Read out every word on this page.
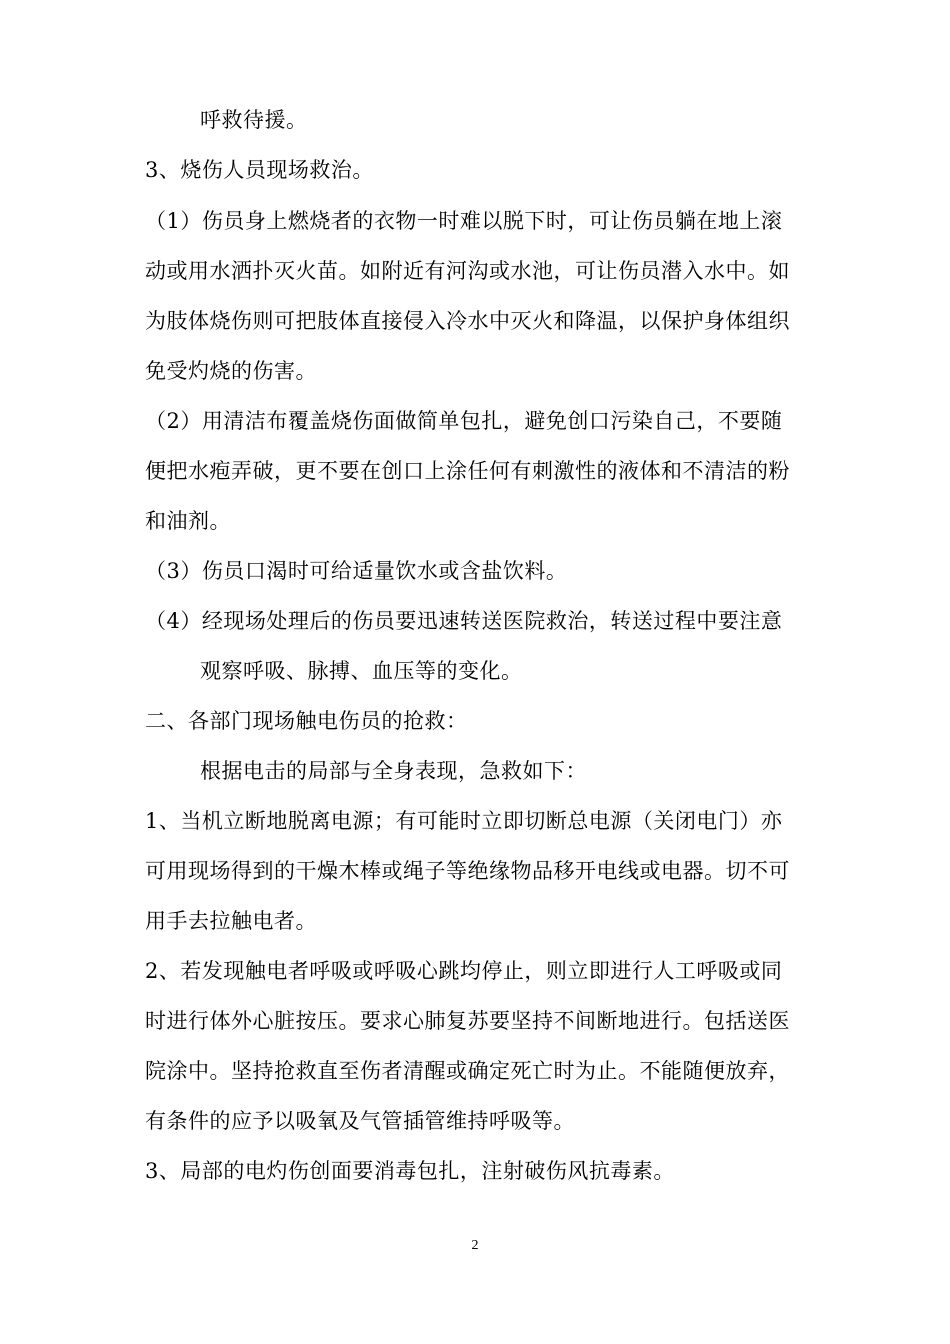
呼救待援。
3、烧伤人员现场救治。
（1）伤员身上燃烧者的衣物一时难以脱下时，可让伤员躺在地上滚
动或用水洒扑灭火苗。如附近有河沟或水池，可让伤员潜入水中。如
为肢体烧伤则可把肢体直接侵入冷水中灭火和降温，以保护身体组织
免受灼烧的伤害。
（2）用清洁布覆盖烧伤面做简单包扎，避免创口污染自己，不要随
便把水疱弄破，更不要在创口上涂任何有刺激性的液体和不清洁的粉
和油剂。
（3）伤员口渴时可给适量饮水或含盐饮料。
（4）经现场处理后的伤员要迅速转送医院救治，转送过程中要注意
观察呼吸、脉搏、血压等的变化。
二、各部门现场触电伤员的抢救：
根据电击的局部与全身表现，急救如下：
1、当机立断地脱离电源；有可能时立即切断总电源（关闭电门）亦
可用现场得到的干燥木棒或绳子等绝缘物品移开电线或电器。切不可
用手去拉触电者。
2、若发现触电者呼吸或呼吸心跳均停止，则立即进行人工呼吸或同
时进行体外心脏按压。要求心肺复苏要坚持不间断地进行。包括送医
院涂中。坚持抢救直至伤者清醒或确定死亡时为止。不能随便放弃，
有条件的应予以吸氧及气管插管维持呼吸等。
3、局部的电灼伤创面要消毒包扎，注射破伤风抗毒素。
2
